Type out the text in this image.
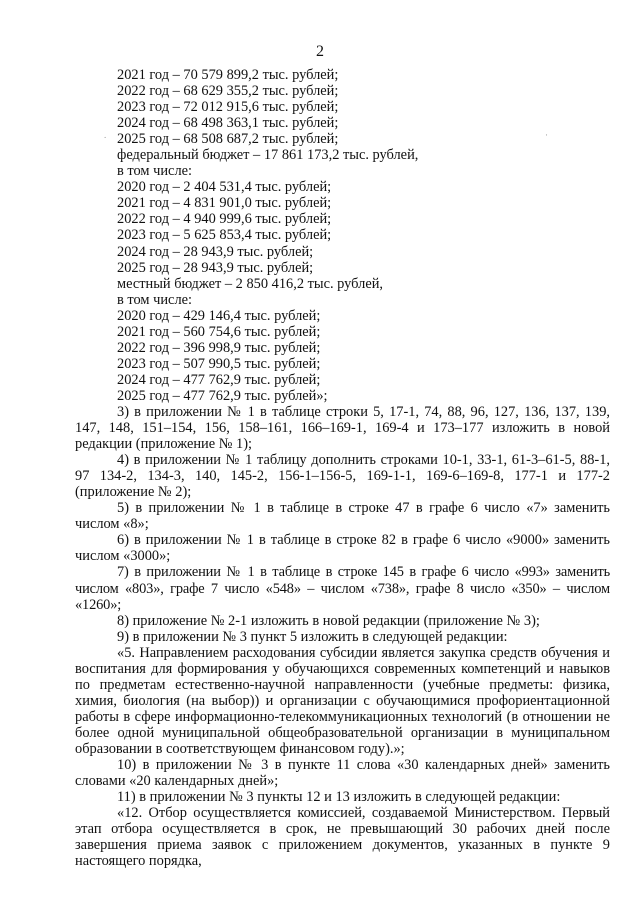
2
.	·

2021 год – 70 579 899,2 тыс. рублей;

2022 год – 68 629 355,2 тыс. рублей;

2023 год – 72 012 915,6 тыс. рублей;

2024 год – 68 498 363,1 тыс. рублей;

2025 год – 68 508 687,2 тыс. рублей;

федеральный бюджет – 17 861 173,2 тыс. рублей,

в том числе:

2020 год – 2 404 531,4 тыс. рублей;

2021 год – 4 831 901,0 тыс. рублей;

2022 год – 4 940 999,6 тыс. рублей;

2023 год – 5 625 853,4 тыс. рублей;

2024 год – 28 943,9 тыс. рублей;

2025 год – 28 943,9 тыс. рублей;

местный бюджет – 2 850 416,2 тыс. рублей,

в том числе:

2020 год – 429 146,4 тыс. рублей;

2021 год – 560 754,6 тыс. рублей;

2022 год – 396 998,9 тыс. рублей;

2023 год – 507 990,5 тыс. рублей;

2024 год – 477 762,9 тыс. рублей;

2025 год – 477 762,9 тыс. рублей»;

3) в приложении № 1 в таблице строки 5, 17-1, 74, 88, 96, 127, 136, 137, 139, 147, 148, 151–154, 156, 158–161, 166–169-1, 169-4 и 173–177 изложить в новой редакции (приложение № 1);

4) в приложении № 1 таблицу дополнить строками 10-1, 33-1, 61-3–61-5, 88-1, 97 134-2, 134-3, 140, 145-2, 156-1–156-5, 169-1-1, 169-6–169-8, 177-1 и 177-2 (приложение № 2);

5) в приложении № 1 в таблице в строке 47 в графе 6 число «7» заменить числом «8»;

6) в приложении № 1 в таблице в строке 82 в графе 6 число «9000» заменить числом «3000»;

7) в приложении № 1 в таблице в строке 145 в графе 6 число «993» заменить числом «803», графе 7 число «548» – числом «738», графе 8 число «350» – числом «1260»;

8) приложение № 2-1 изложить в новой редакции (приложение № 3);

9) в приложении № 3 пункт 5 изложить в следующей редакции:

«5. Направлением расходования субсидии является закупка средств обучения и воспитания для формирования у обучающихся современных компетенций и навыков по предметам естественно-научной направленности (учебные предметы: физика, химия, биология (на выбор)) и организации с обучающимися профориентационной работы в сфере информационно-телекоммуникационных технологий (в отношении не более одной муниципальной общеобразовательной организации в муниципальном образовании в соответствующем финансовом году).»;

10) в приложении № 3 в пункте 11 слова «30 календарных дней» заменить словами «20 календарных дней»;

11) в приложении № 3 пункты 12 и 13 изложить в следующей редакции:

«12. Отбор осуществляется комиссией, создаваемой Министерством. Первый этап отбора осуществляется в срок, не превышающий 30 рабочих дней после завершения приема заявок с приложением документов, указанных в пункте 9 настоящего порядка,
